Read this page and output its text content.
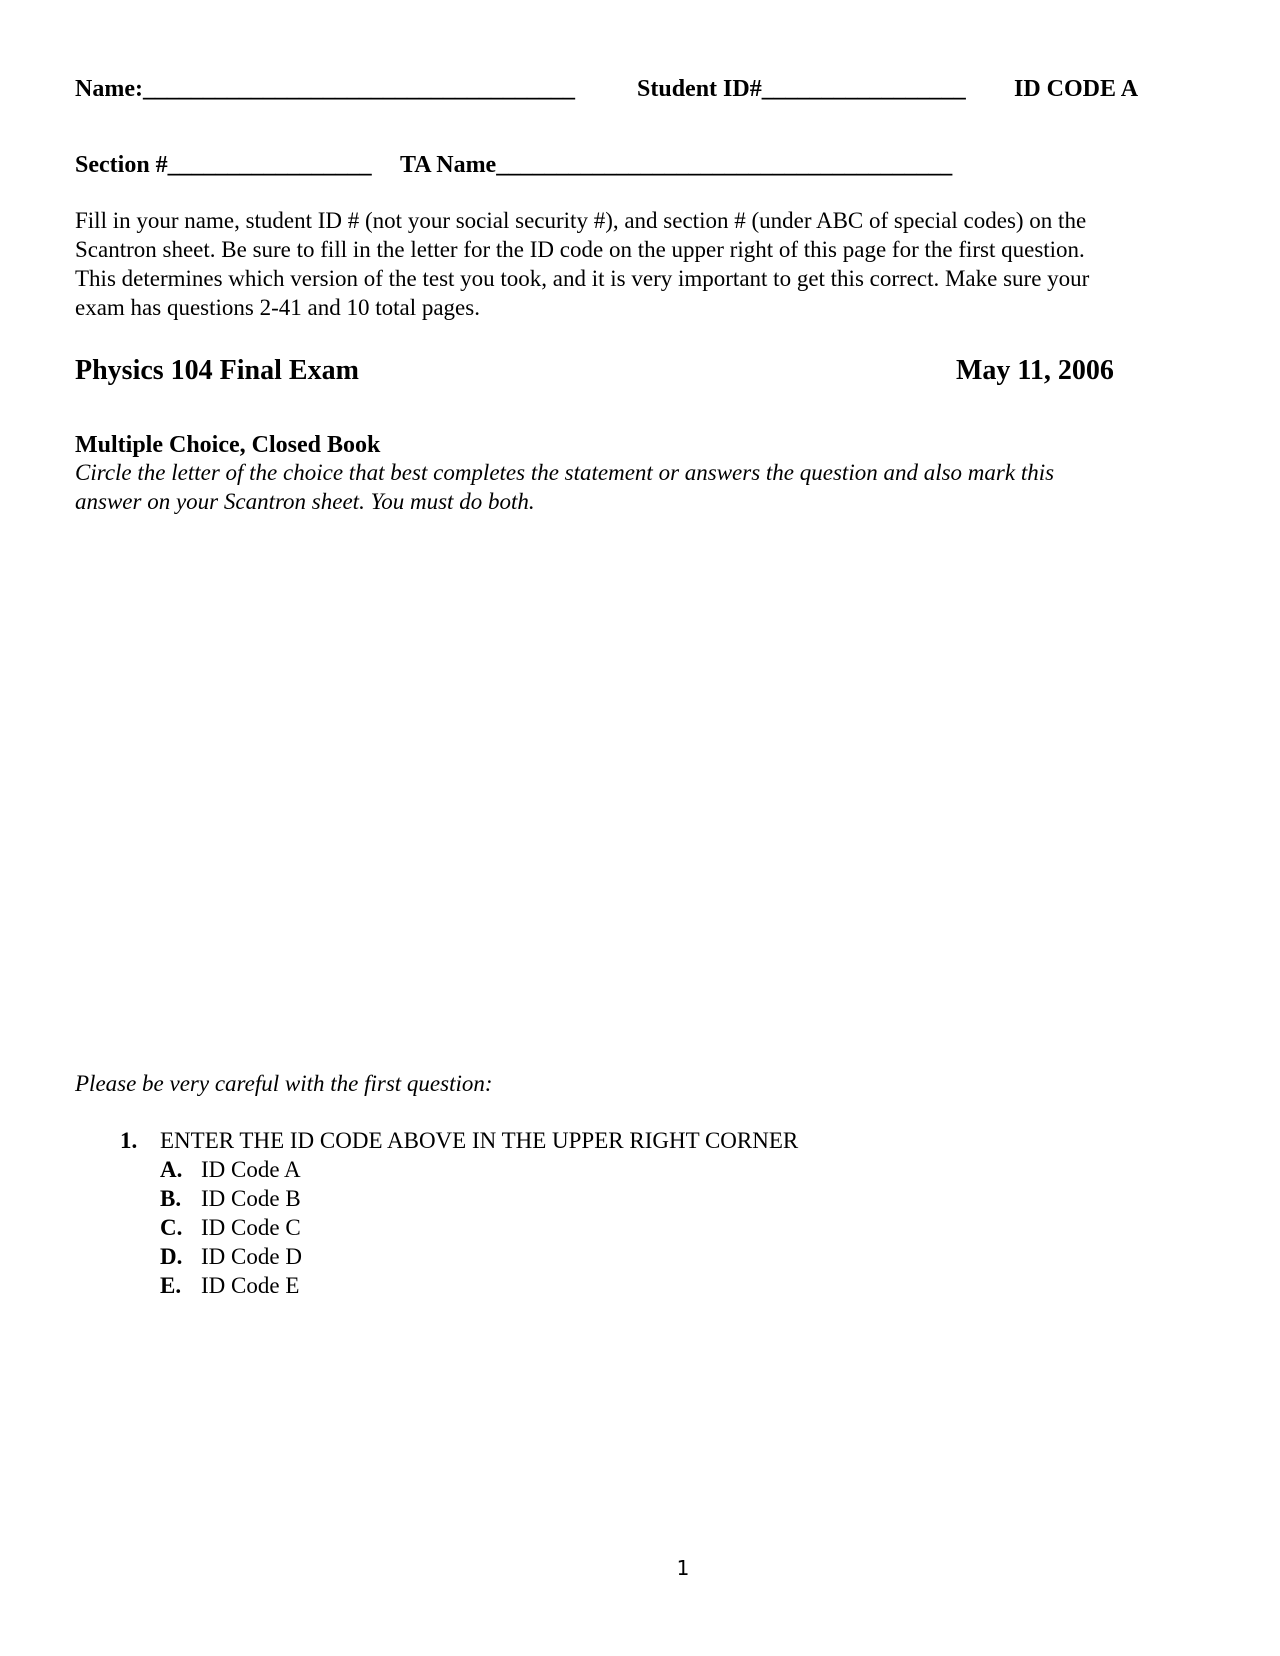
Name:____________________________________	Student ID#_________________ ID CODE A
Section #_________________ TA Name______________________________________

Fill in your name, student ID # (not your social security #), and section # (under ABC of special codes) on the

Scantron sheet. Be sure to fill in the letter for the ID code on the upper right of this page for the first question.

This determines which version of the test you took, and it is very important to get this correct. Make sure your

exam has questions 2-41 and 10 total pages.

Physics 104 Final Exam	May 11, 2006
Multiple Choice, Closed Book

Circle the letter of the choice that best completes the statement or answers the question and also mark this

answer on your Scantron sheet. You must do both.

Please be very careful with the first question:
1. ENTER THE ID CODE ABOVE IN THE UPPER RIGHT CORNER
A. ID Code A
B. ID Code B
C. ID Code C
D. ID Code D
E. ID Code E
1
